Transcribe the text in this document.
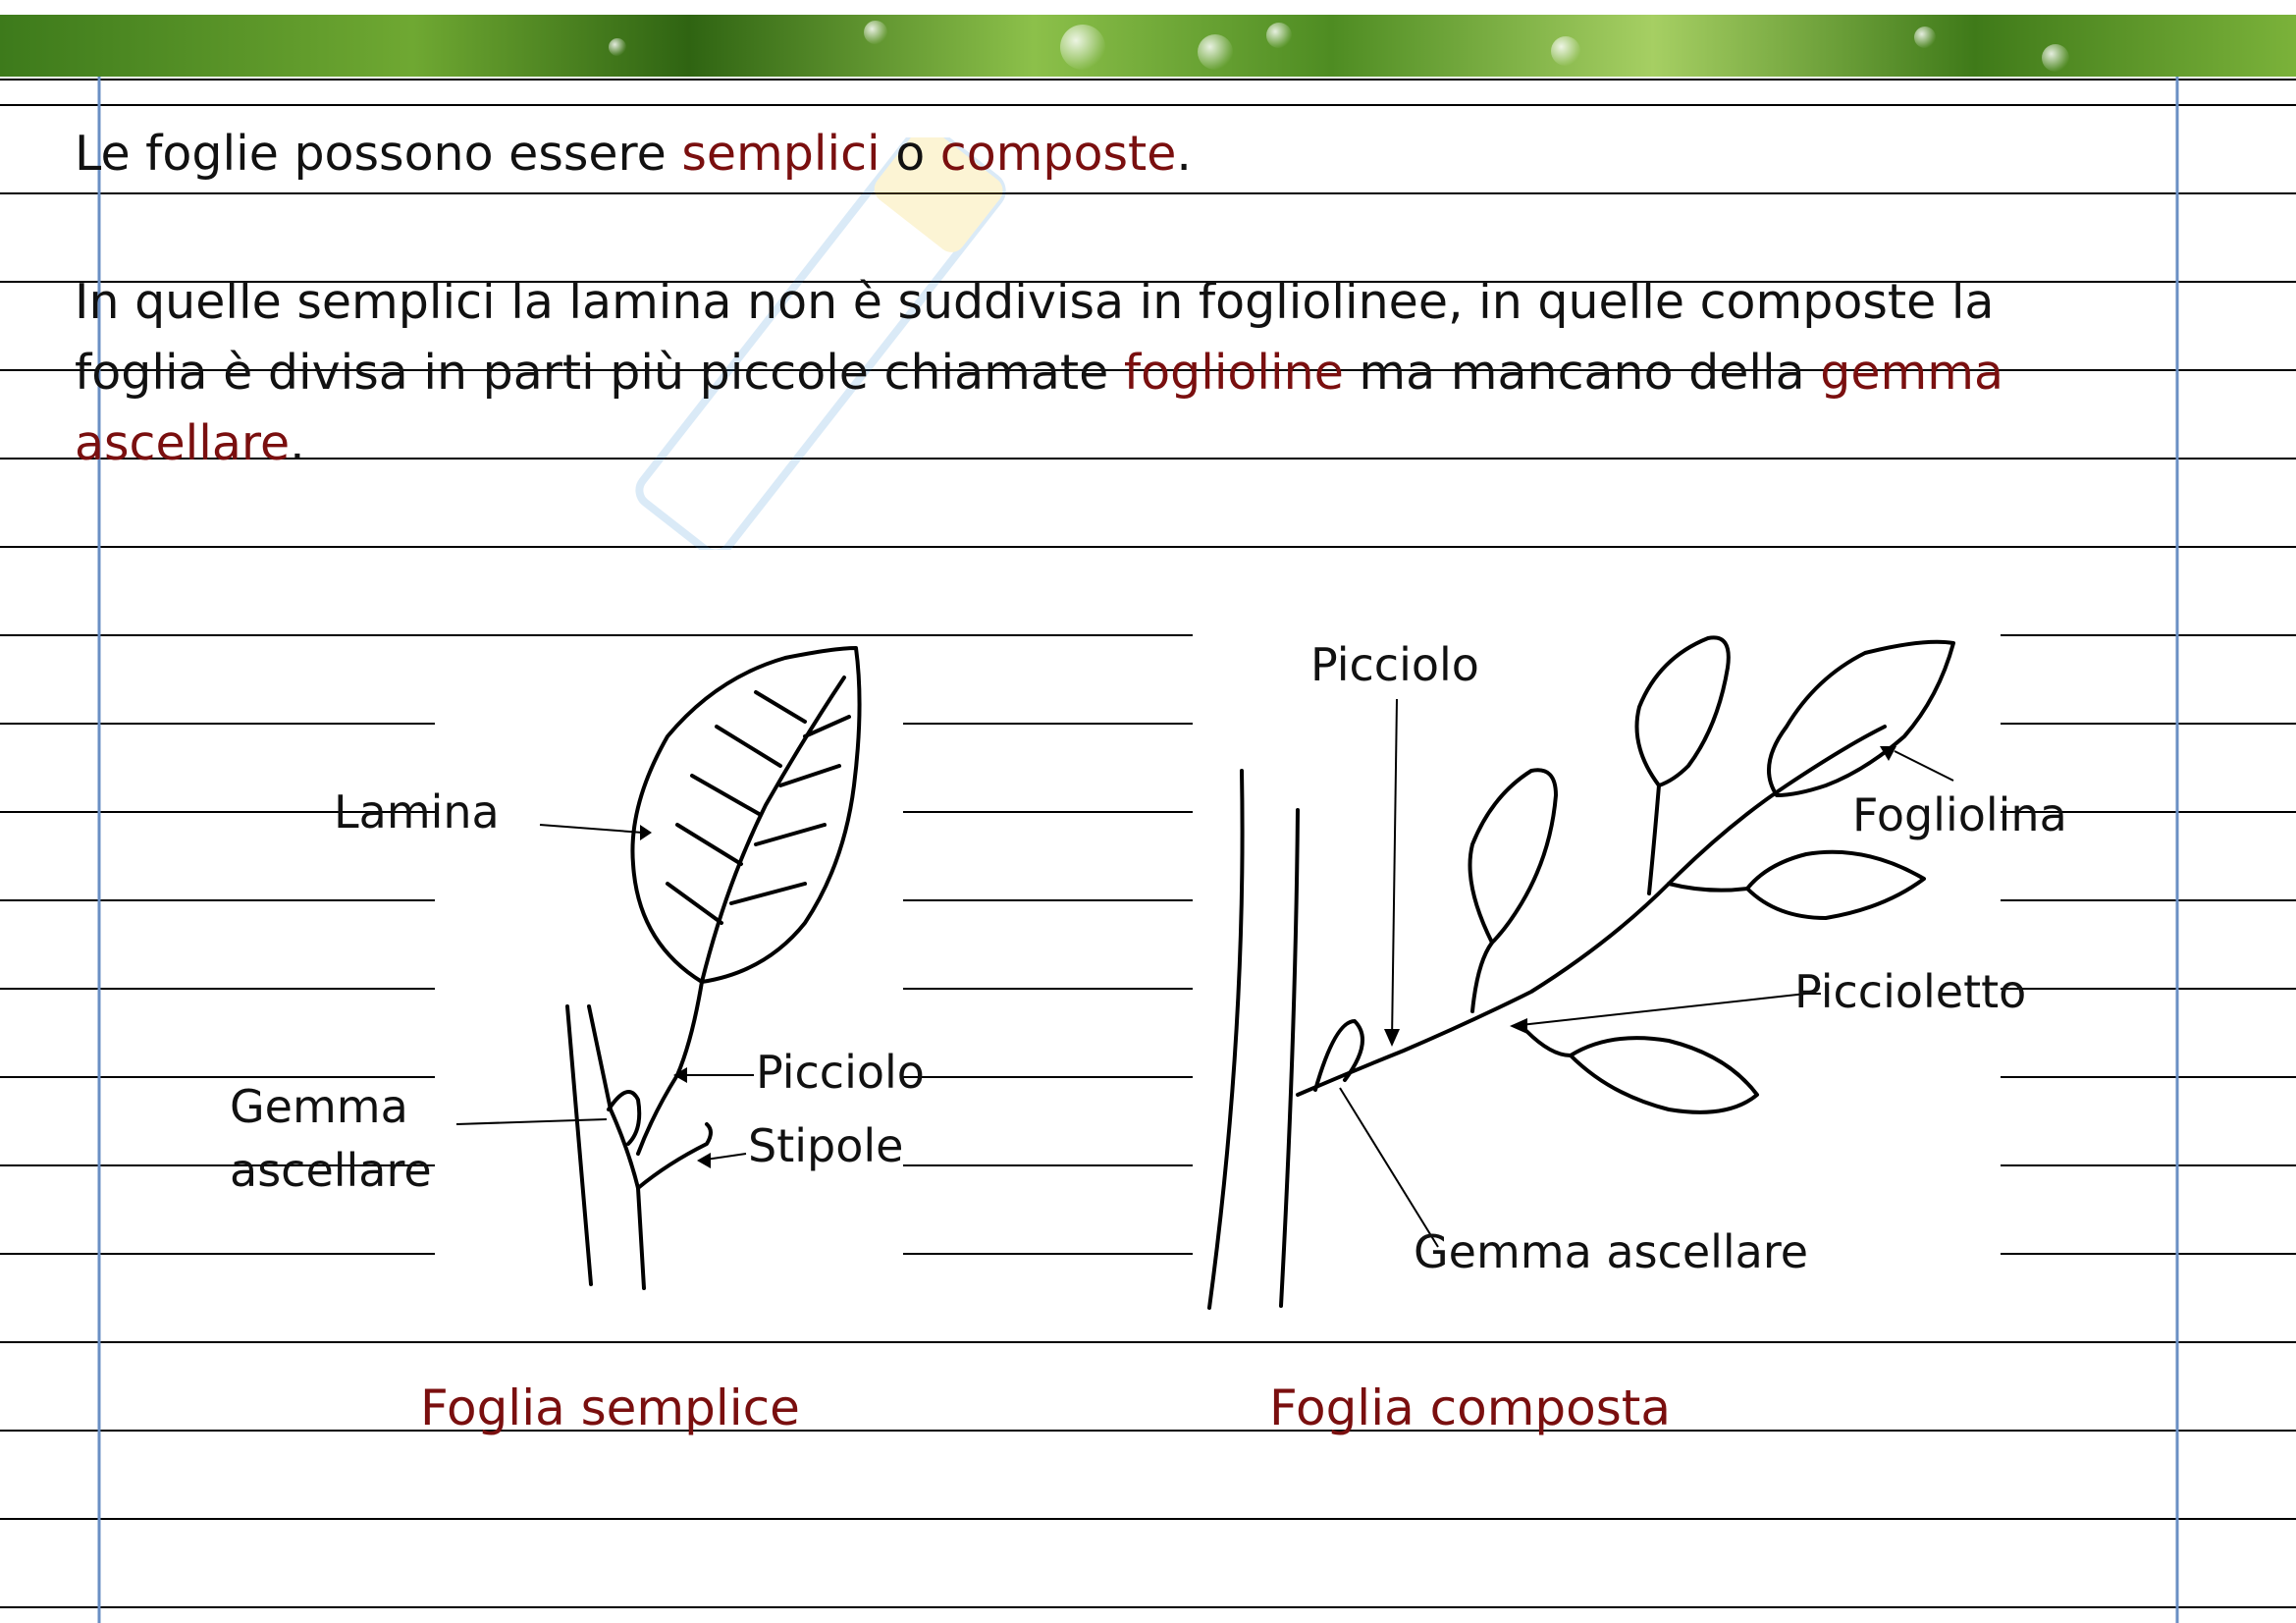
Le foglie possono essere semplici o composte.

In quelle semplici la lamina non è suddivisa in fogliolinee, in quelle composte la
foglia è divisa in parti più piccole chiamate foglioline ma mancano della gemma
ascellare.
Lamina
Picciolo
Stipole
Gemma
ascellare
Picciolo
Fogliolina
Piccioletto
Gemma ascellare
Foglia semplice	Foglia composta
